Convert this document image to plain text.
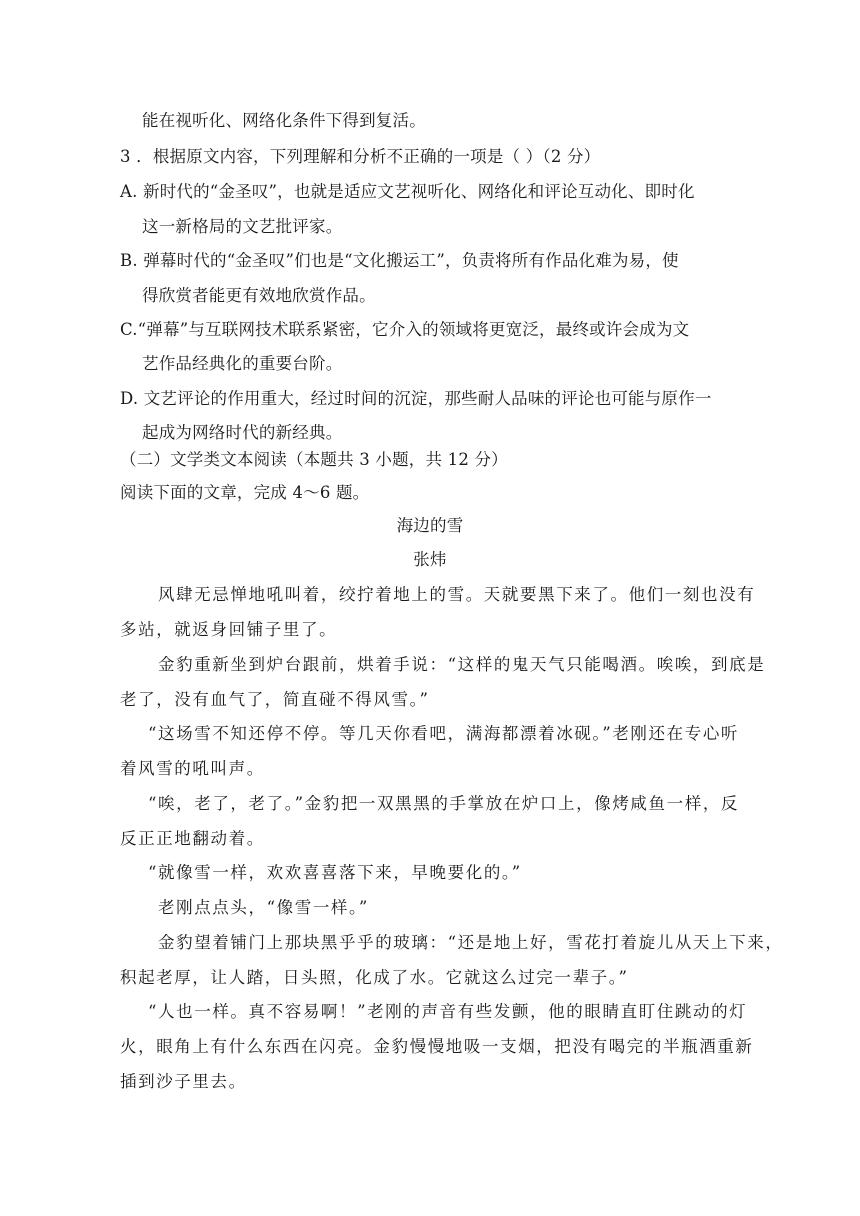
能在视听化、网络化条件下得到复活。
3 ．根据原文内容，下列理解和分析不正确的一项是（ ）（2 分）
A. 新时代的“金圣叹”，也就是适应文艺视听化、网络化和评论互动化、即时化
这一新格局的文艺批评家。
B. 弹幕时代的“金圣叹”们也是“文化搬运工”，负责将所有作品化难为易，使
得欣赏者能更有效地欣赏作品。
C.“弹幕”与互联网技术联系紧密，它介入的领域将更宽泛，最终或许会成为文
艺作品经典化的重要台阶。
D. 文艺评论的作用重大，经过时间的沉淀，那些耐人品味的评论也可能与原作一
起成为网络时代的新经典。
（二）文学类文本阅读（本题共 3 小题，共 12 分）
阅读下面的文章，完成 4～6 题。
海边的雪
张炜
风肆无忌惮地吼叫着，绞拧着地上的雪。天就要黑下来了。他们一刻也没有
多站，就返身回铺子里了。
金豹重新坐到炉台跟前，烘着手说：“这样的鬼天气只能喝酒。唉唉，到底是
老了，没有血气了，简直碰不得风雪。”
“这场雪不知还停不停。等几天你看吧，满海都漂着冰砚。”老刚还在专心听
着风雪的吼叫声。
“唉，老了，老了。”金豹把一双黑黑的手掌放在炉口上，像烤咸鱼一样，反
反正正地翻动着。
“就像雪一样，欢欢喜喜落下来，早晚要化的。”
老刚点点头，“像雪一样。”
金豹望着铺门上那块黑乎乎的玻璃：“还是地上好，雪花打着旋儿从天上下来，
积起老厚，让人踏，日头照，化成了水。它就这么过完一辈子。”
“人也一样。真不容易啊！”老刚的声音有些发颤，他的眼睛直盯住跳动的灯
火，眼角上有什么东西在闪亮。金豹慢慢地吸一支烟，把没有喝完的半瓶酒重新
插到沙子里去。
